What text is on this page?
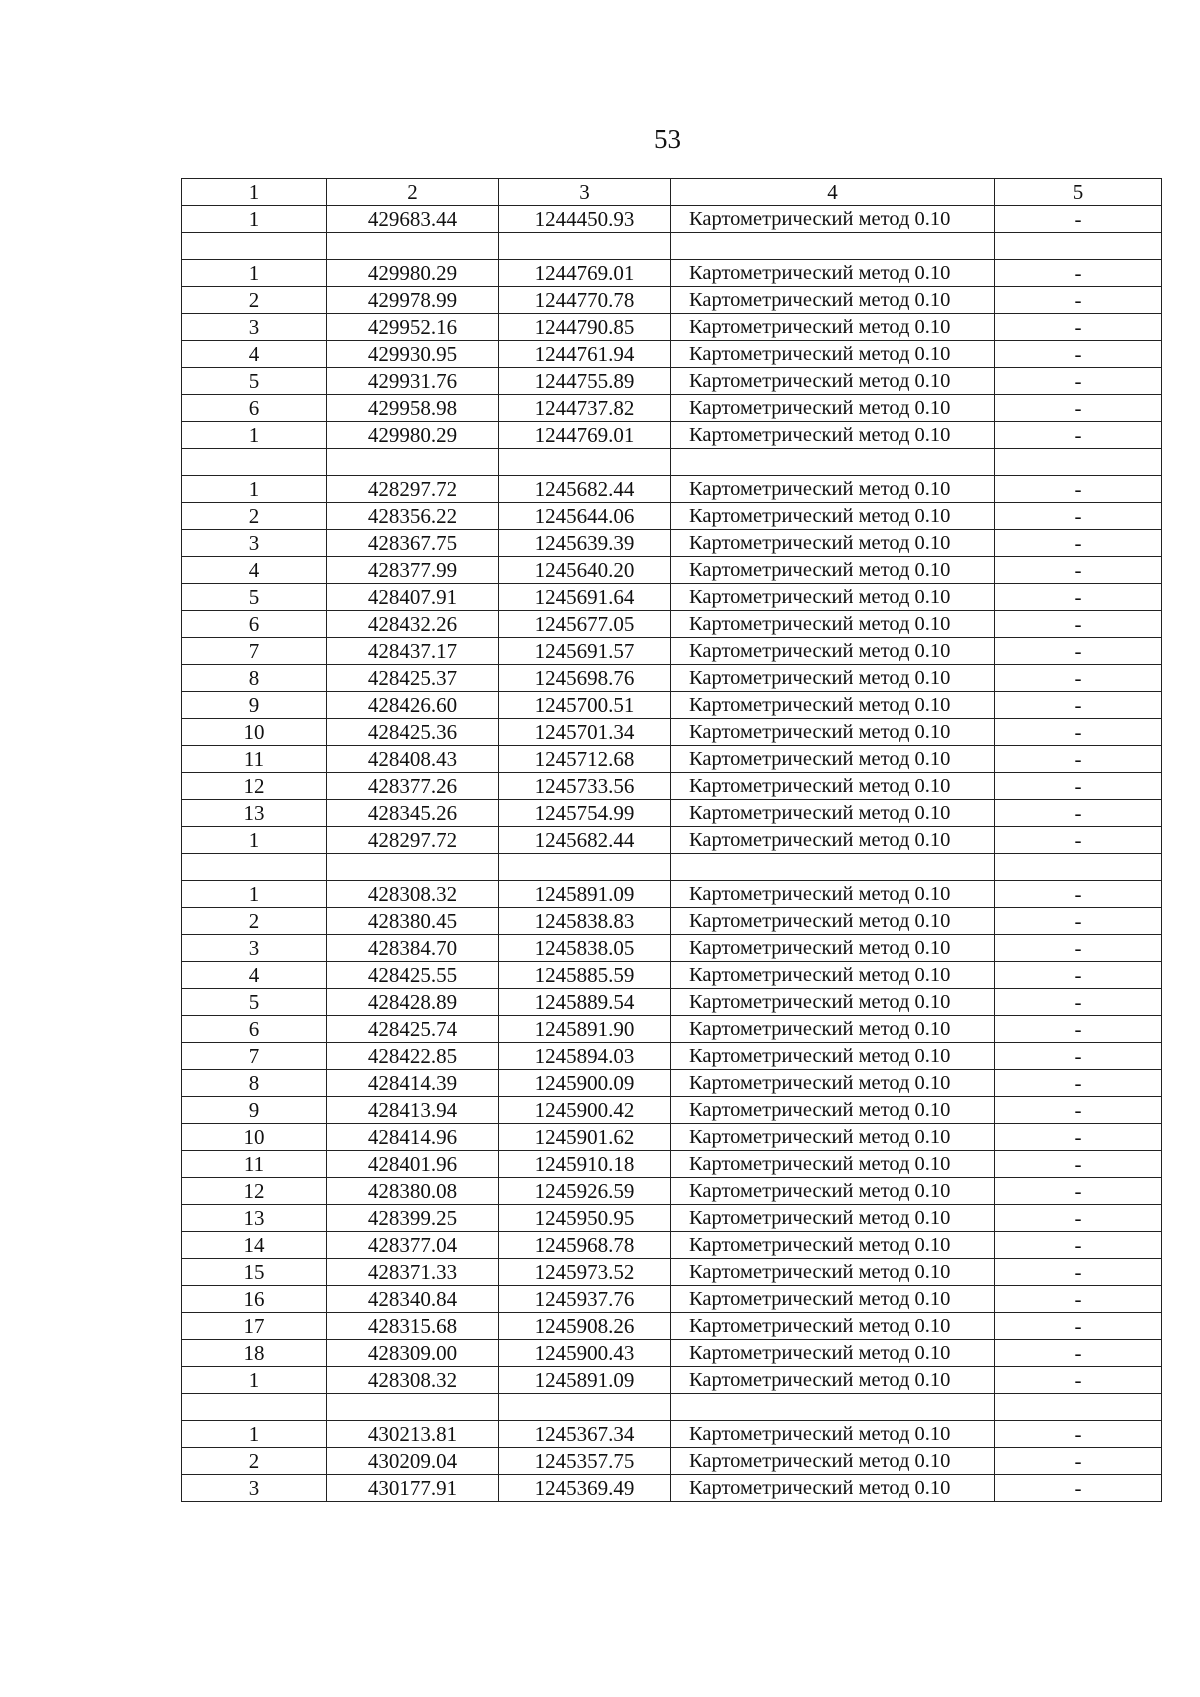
53
1	2	3	4	5
1	429683.44	1244450.93	Картометрический метод 0.10	-

1	429980.29	1244769.01	Картометрический метод 0.10	-
2	429978.99	1244770.78	Картометрический метод 0.10	-
3	429952.16	1244790.85	Картометрический метод 0.10	-
4	429930.95	1244761.94	Картометрический метод 0.10	-
5	429931.76	1244755.89	Картометрический метод 0.10	-
6	429958.98	1244737.82	Картометрический метод 0.10	-
1	429980.29	1244769.01	Картометрический метод 0.10	-

1	428297.72	1245682.44	Картометрический метод 0.10	-
2	428356.22	1245644.06	Картометрический метод 0.10	-
3	428367.75	1245639.39	Картометрический метод 0.10	-
4	428377.99	1245640.20	Картометрический метод 0.10	-
5	428407.91	1245691.64	Картометрический метод 0.10	-
6	428432.26	1245677.05	Картометрический метод 0.10	-
7	428437.17	1245691.57	Картометрический метод 0.10	-
8	428425.37	1245698.76	Картометрический метод 0.10	-
9	428426.60	1245700.51	Картометрический метод 0.10	-
10	428425.36	1245701.34	Картометрический метод 0.10	-
11	428408.43	1245712.68	Картометрический метод 0.10	-
12	428377.26	1245733.56	Картометрический метод 0.10	-
13	428345.26	1245754.99	Картометрический метод 0.10	-
1	428297.72	1245682.44	Картометрический метод 0.10	-

1	428308.32	1245891.09	Картометрический метод 0.10	-
2	428380.45	1245838.83	Картометрический метод 0.10	-
3	428384.70	1245838.05	Картометрический метод 0.10	-
4	428425.55	1245885.59	Картометрический метод 0.10	-
5	428428.89	1245889.54	Картометрический метод 0.10	-
6	428425.74	1245891.90	Картометрический метод 0.10	-
7	428422.85	1245894.03	Картометрический метод 0.10	-
8	428414.39	1245900.09	Картометрический метод 0.10	-
9	428413.94	1245900.42	Картометрический метод 0.10	-
10	428414.96	1245901.62	Картометрический метод 0.10	-
11	428401.96	1245910.18	Картометрический метод 0.10	-
12	428380.08	1245926.59	Картометрический метод 0.10	-
13	428399.25	1245950.95	Картометрический метод 0.10	-
14	428377.04	1245968.78	Картометрический метод 0.10	-
15	428371.33	1245973.52	Картометрический метод 0.10	-
16	428340.84	1245937.76	Картометрический метод 0.10	-
17	428315.68	1245908.26	Картометрический метод 0.10	-
18	428309.00	1245900.43	Картометрический метод 0.10	-
1	428308.32	1245891.09	Картометрический метод 0.10	-

1	430213.81	1245367.34	Картометрический метод 0.10	-
2	430209.04	1245357.75	Картометрический метод 0.10	-
3	430177.91	1245369.49	Картометрический метод 0.10	-
